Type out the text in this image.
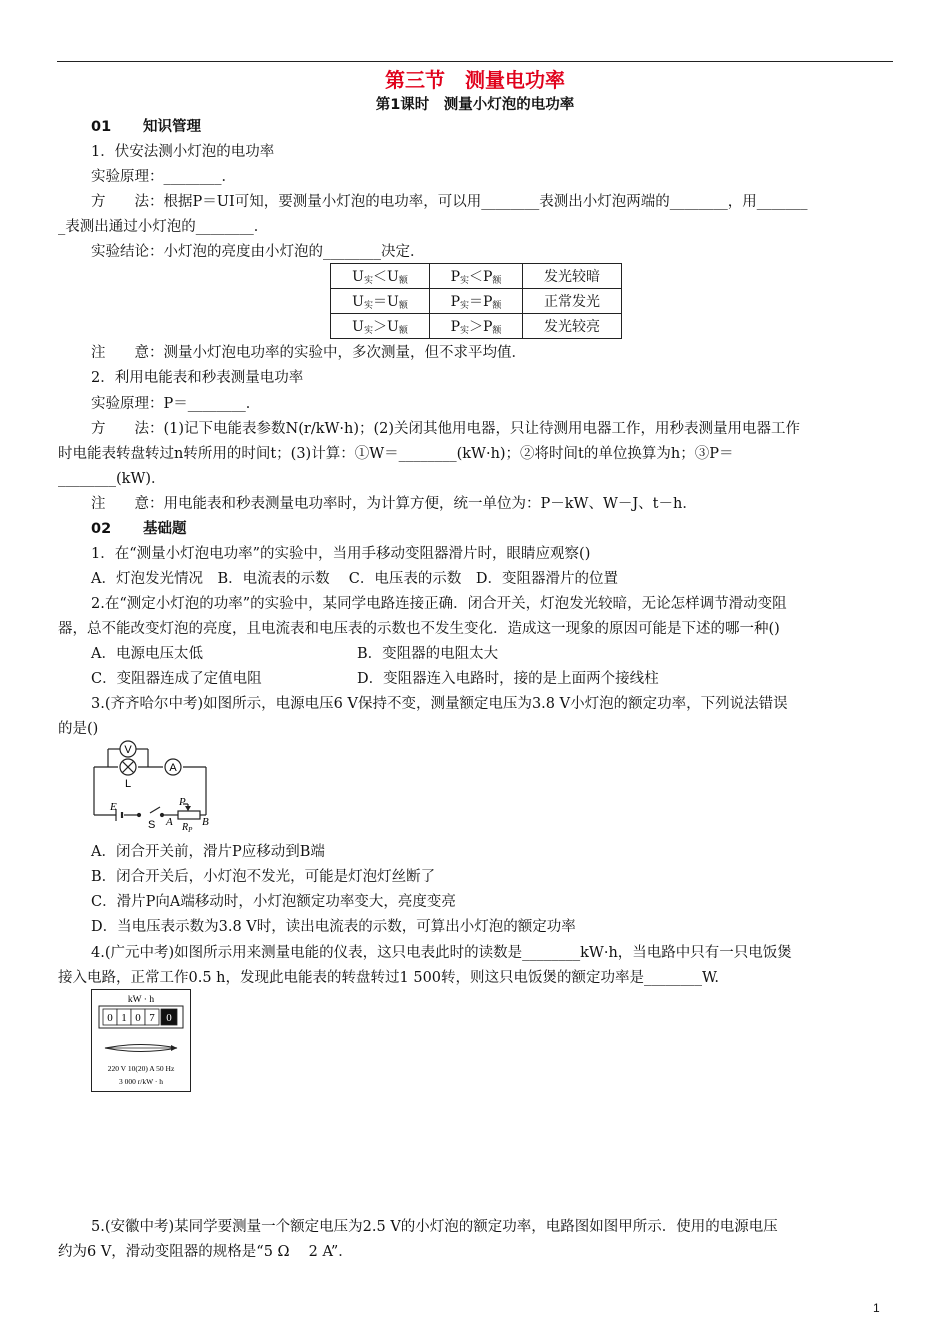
第三节　测量电功率
第1课时　测量小灯泡的电功率
01 知识管理
1．伏安法测小灯泡的电功率
实验原理：________．
方　　法：根据P＝UI可知，要测量小灯泡的电功率，可以用________表测出小灯泡两端的________，用_______
_表测出通过小灯泡的________．
实验结论：小灯泡的亮度由小灯泡的________决定．
$U_实<U_额$	$P_实<P_额$	发光较暗
$U_实=U_额$	$P_实=P_额$	正常发光
$U_实>U_额$	$P_实>P_额$	发光较亮
注　　意：测量小灯泡电功率的实验中，多次测量，但不求平均值．
2．利用电能表和秒表测量电功率
实验原理：P＝________．
方　　法：(1)记下电能表参数N(r/kW·h)；(2)关闭其他用电器，只让待测用电器工作，用秒表测量用电器工作
时电能表转盘转过n转所用的时间t；(3)计算：①W＝________(kW·h)；②将时间t的单位换算为h；③P＝
________(kW)．
注　　意：用电能表和秒表测量电功率时，为计算方便，统一单位为：P－kW、W－J、t－h．
02 基础题
1．在“测量小灯泡电功率”的实验中，当用手移动变阻器滑片时，眼睛应观察()
A．灯泡发光情况　B．电流表的示数　 C．电压表的示数　D．变阻器滑片的位置
2.在“测定小灯泡的功率”的实验中，某同学电路连接正确．闭合开关，灯泡发光较暗，无论怎样调节滑动变阻
器，总不能改变灯泡的亮度，且电流表和电压表的示数也不发生变化．造成这一现象的原因可能是下述的哪一种()
A．电源电压太低	B．变阻器的电阻太大
C．变阻器连成了定值电阻	D．变阻器连入电路时，接的是上面两个接线柱
3.(齐齐哈尔中考)如图所示，电源电压6 V保持不变，测量额定电压为3.8 V小灯泡的额定功率，下列说法错误
的是()
V
A
L
E
S
P
A	B
$R_P$
A．闭合开关前，滑片P应移动到B端
B．闭合开关后，小灯泡不发光，可能是灯泡灯丝断了
C．滑片P向A端移动时，小灯泡额定功率变大，亮度变亮
D．当电压表示数为3.8 V时，读出电流表的示数，可算出小灯泡的额定功率
4.(广元中考)如图所示用来测量电能的仪表，这只电表此时的读数是________kW·h，当电路中只有一只电饭煲
接入电路，正常工作0.5 h，发现此电能表的转盘转过1 500转，则这只电饭煲的额定功率是________W.
kW · h
0 1 0 7 0
220 V 10(20) A 50 Hz
3 000 r/kW · h
5.(安徽中考)某同学要测量一个额定电压为2.5 V的小灯泡的额定功率，电路图如图甲所示．使用的电源电压
约为6 V，滑动变阻器的规格是“5 Ω　 2 A”．
1
